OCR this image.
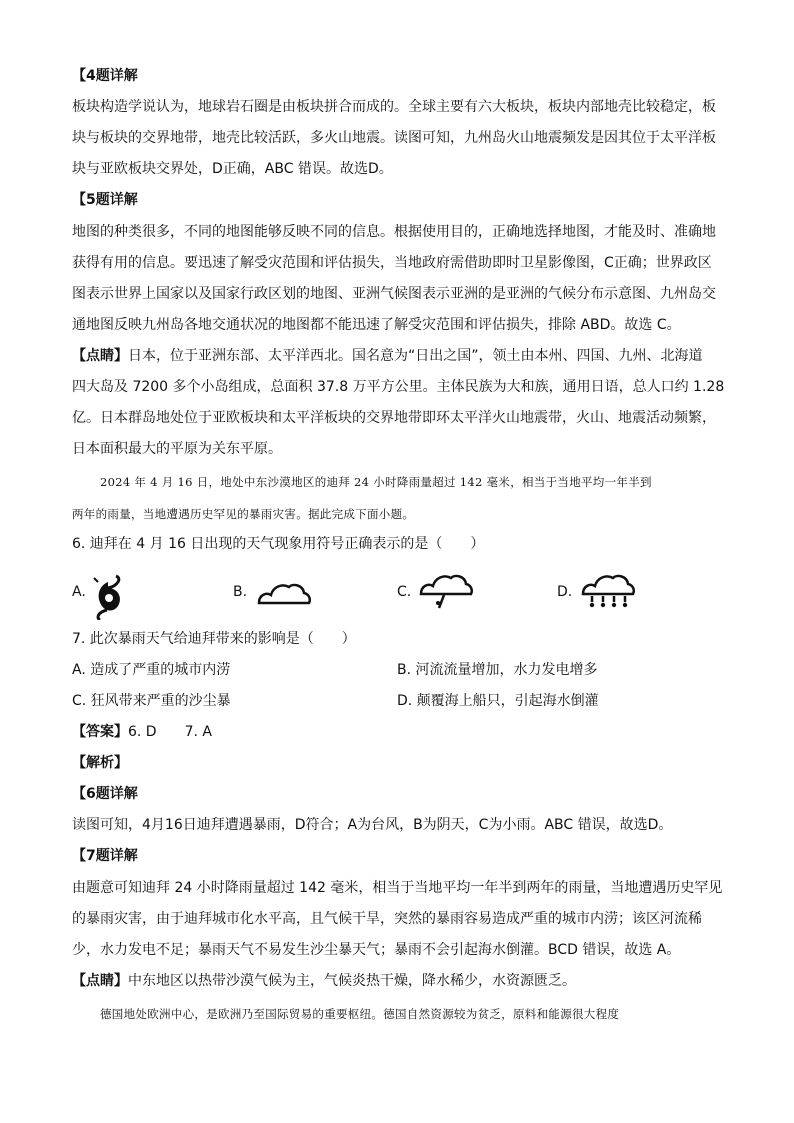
【4题详解
板块构造学说认为，地球岩石圈是由板块拼合而成的。全球主要有六大板块，板块内部地壳比较稳定，板
块与板块的交界地带，地壳比较活跃，多火山地震。读图可知，九州岛火山地震频发是因其位于太平洋板
块与亚欧板块交界处，D正确，ABC 错误。故选D。
【5题详解
地图的种类很多，不同的地图能够反映不同的信息。根据使用目的，正确地选择地图，才能及时、准确地
获得有用的信息。要迅速了解受灾范围和评估损失，当地政府需借助即时卫星影像图，C正确；世界政区
图表示世界上国家以及国家行政区划的地图、亚洲气候图表示亚洲的是亚洲的气候分布示意图、九州岛交
通地图反映九州岛各地交通状况的地图都不能迅速了解受灾范围和评估损失，排除 ABD。故选 C。
【点睛】日本，位于亚洲东部、太平洋西北。国名意为“日出之国”，领土由本州、四国、九州、北海道
四大岛及 7200 多个小岛组成，总面积 37.8 万平方公里。主体民族为大和族，通用日语，总人口约 1.28
亿。日本群岛地处位于亚欧板块和太平洋板块的交界地带即环太平洋火山地震带，火山、地震活动频繁，
日本面积最大的平原为关东平原。
2024 年 4 月 16 日，地处中东沙漠地区的迪拜 24 小时降雨量超过 142 毫米，相当于当地平均一年半到
两年的雨量，当地遭遇历史罕见的暴雨灾害。据此完成下面小题。
6. 迪拜在 4 月 16 日出现的天气现象用符号正确表示的是（　　）
A.	B.	C.	D.
7. 此次暴雨天气给迪拜带来的影响是（　　）
A. 造成了严重的城市内涝	B. 河流流量增加，水力发电增多
C. 狂风带来严重的沙尘暴	D. 颠覆海上船只，引起海水倒灌
【答案】6. D　　7. A
【解析】
【6题详解
读图可知，4月16日迪拜遭遇暴雨，D符合；A为台风，B为阴天，C为小雨。ABC 错误，故选D。
【7题详解
由题意可知迪拜 24 小时降雨量超过 142 毫米，相当于当地平均一年半到两年的雨量，当地遭遇历史罕见
的暴雨灾害，由于迪拜城市化水平高，且气候干旱，突然的暴雨容易造成严重的城市内涝；该区河流稀
少，水力发电不足；暴雨天气不易发生沙尘暴天气；暴雨不会引起海水倒灌。BCD 错误，故选 A。
【点睛】中东地区以热带沙漠气候为主，气候炎热干燥，降水稀少，水资源匮乏。
德国地处欧洲中心，是欧洲乃至国际贸易的重要枢纽。德国自然资源较为贫乏，原料和能源很大程度
